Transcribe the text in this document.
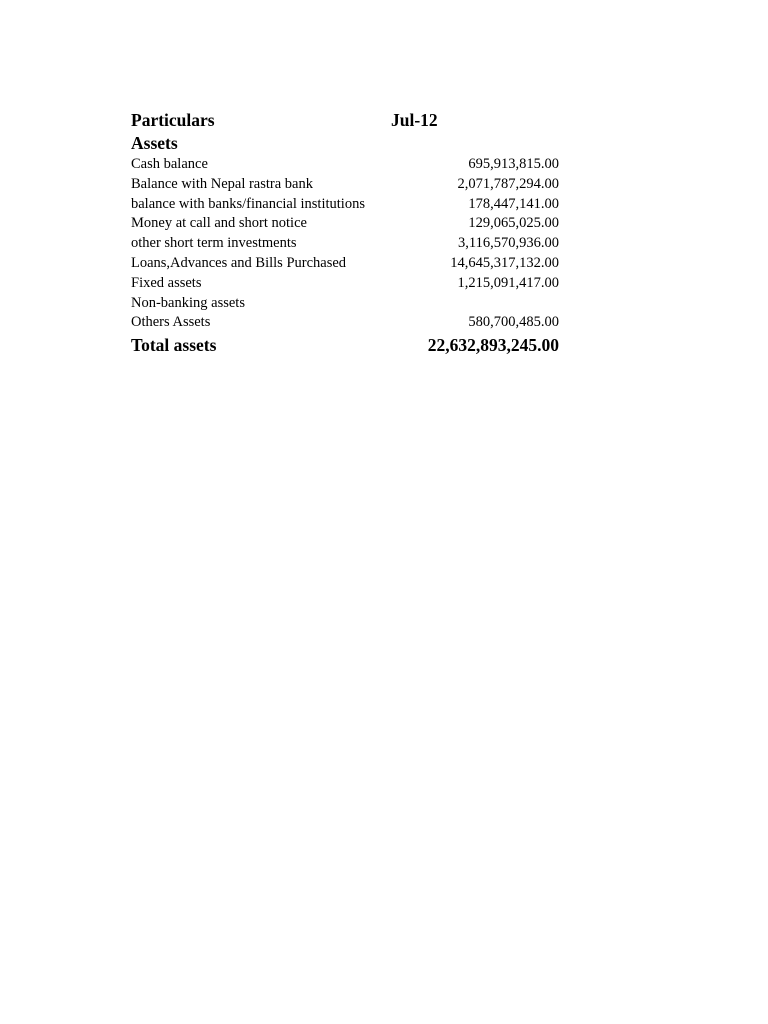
Particulars	Jul-12
Assets
Cash balance	695,913,815.00
Balance with Nepal rastra bank	2,071,787,294.00
balance with banks/financial institutions	178,447,141.00
Money at call and short notice	129,065,025.00
other short term investments	3,116,570,936.00
Loans,Advances and Bills Purchased	14,645,317,132.00
Fixed assets	1,215,091,417.00
Non-banking assets
Others Assets	580,700,485.00
Total assets	22,632,893,245.00
